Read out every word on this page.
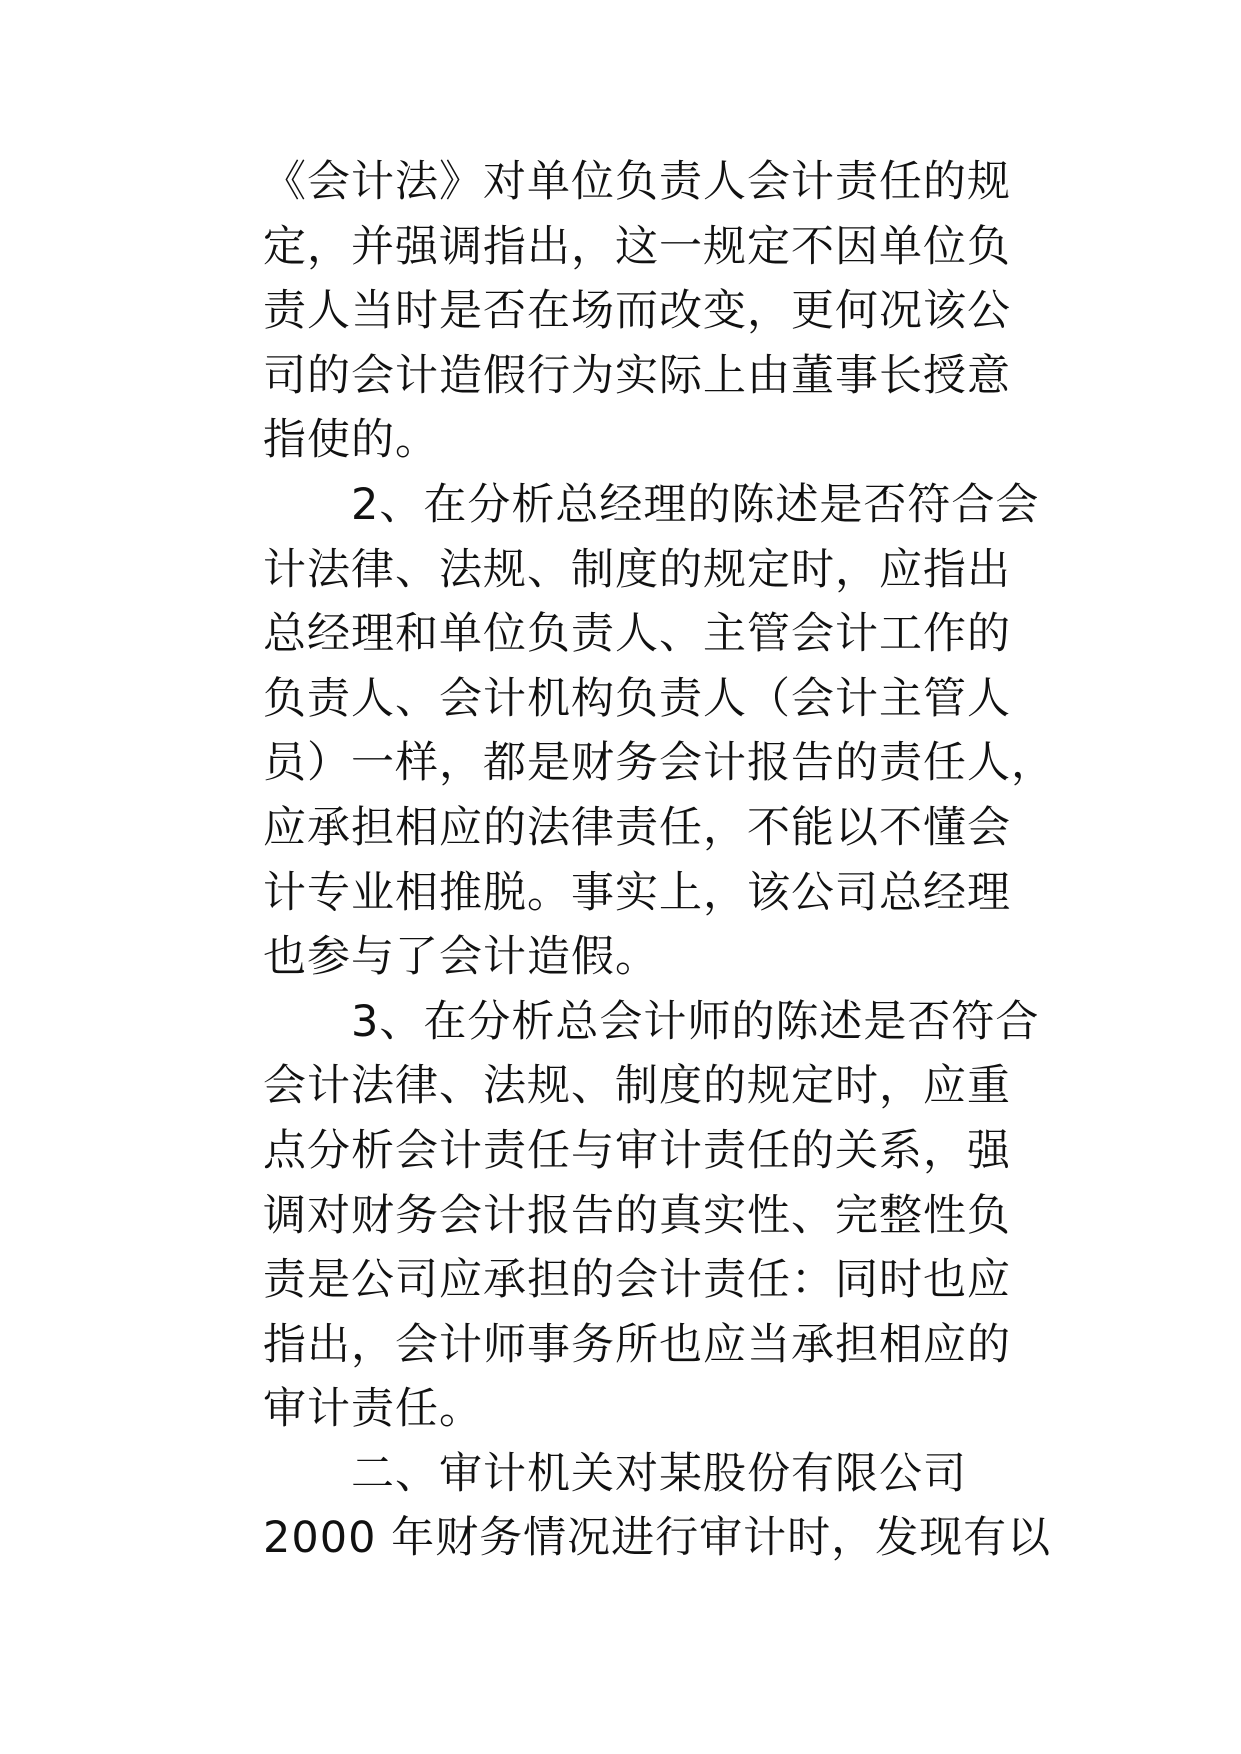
《会计法》对单位负责人会计责任的规
定，并强调指出，这一规定不因单位负
责人当时是否在场而改变，更何况该公
司的会计造假行为实际上由董事长授意
指使的。
　　2、在分析总经理的陈述是否符合会
计法律、法规、制度的规定时，应指出
总经理和单位负责人、主管会计工作的
负责人、会计机构负责人（会计主管人
员）一样，都是财务会计报告的责任人，
应承担相应的法律责任，不能以不懂会
计专业相推脱。事实上，该公司总经理
也参与了会计造假。
　　3、在分析总会计师的陈述是否符合
会计法律、法规、制度的规定时，应重
点分析会计责任与审计责任的关系，强
调对财务会计报告的真实性、完整性负
责是公司应承担的会计责任：同时也应
指出，会计师事务所也应当承担相应的
审计责任。
　　二、审计机关对某股份有限公司
2000 年财务情况进行审计时，发现有以
